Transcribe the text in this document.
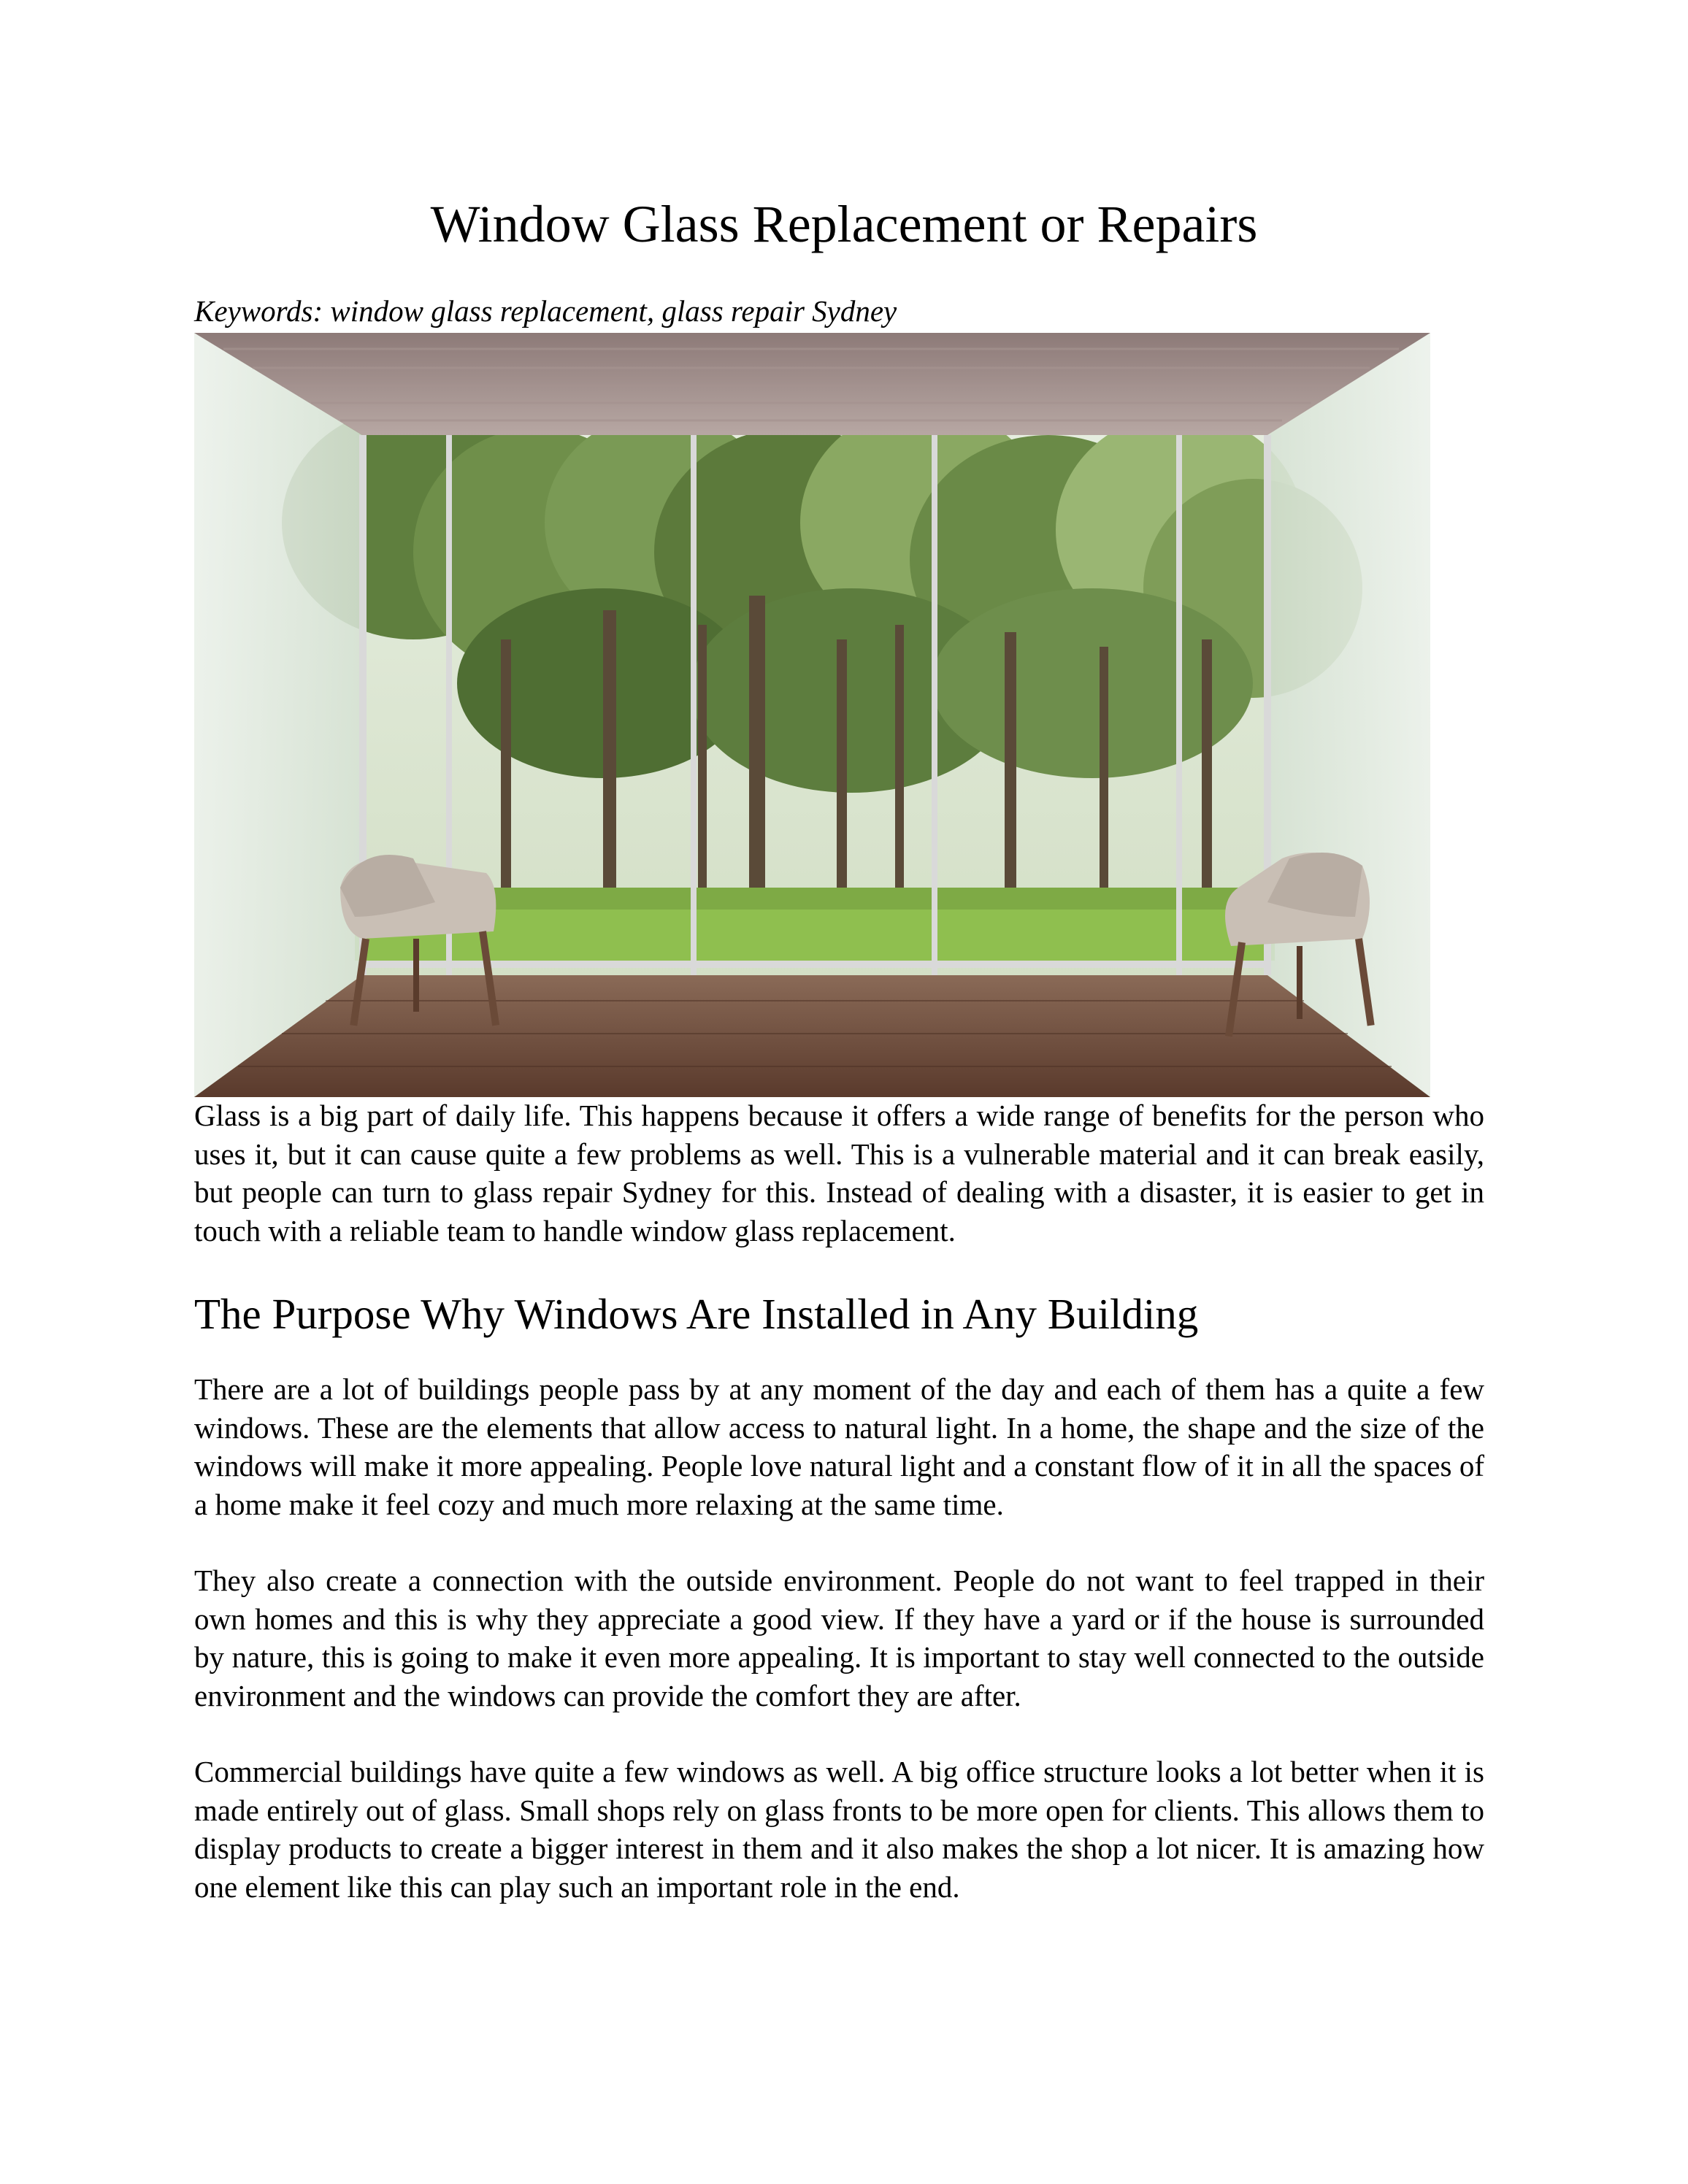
Window Glass Replacement or Repairs

Keywords: window glass replacement, glass repair Sydney

Glass is a big part of daily life. This happens because it offers a wide range of benefits for the person who uses it, but it can cause quite a few problems as well. This is a vulnerable material and it can break easily, but people can turn to glass repair Sydney for this. Instead of dealing with a disaster, it is easier to get in touch with a reliable team to handle window glass replacement.

The Purpose Why Windows Are Installed in Any Building

There are a lot of buildings people pass by at any moment of the day and each of them has a quite a few windows. These are the elements that allow access to natural light. In a home, the shape and the size of the windows will make it more appealing. People love natural light and a constant flow of it in all the spaces of a home make it feel cozy and much more relaxing at the same time.

They also create a connection with the outside environment. People do not want to feel trapped in their own homes and this is why they appreciate a good view. If they have a yard or if the house is surrounded by nature, this is going to make it even more appealing. It is important to stay well connected to the outside environment and the windows can provide the comfort they are after.

Commercial buildings have quite a few windows as well. A big office structure looks a lot better when it is made entirely out of glass. Small shops rely on glass fronts to be more open for clients. This allows them to display products to create a bigger interest in them and it also makes the shop a lot nicer. It is amazing how one element like this can play such an important role in the end.
